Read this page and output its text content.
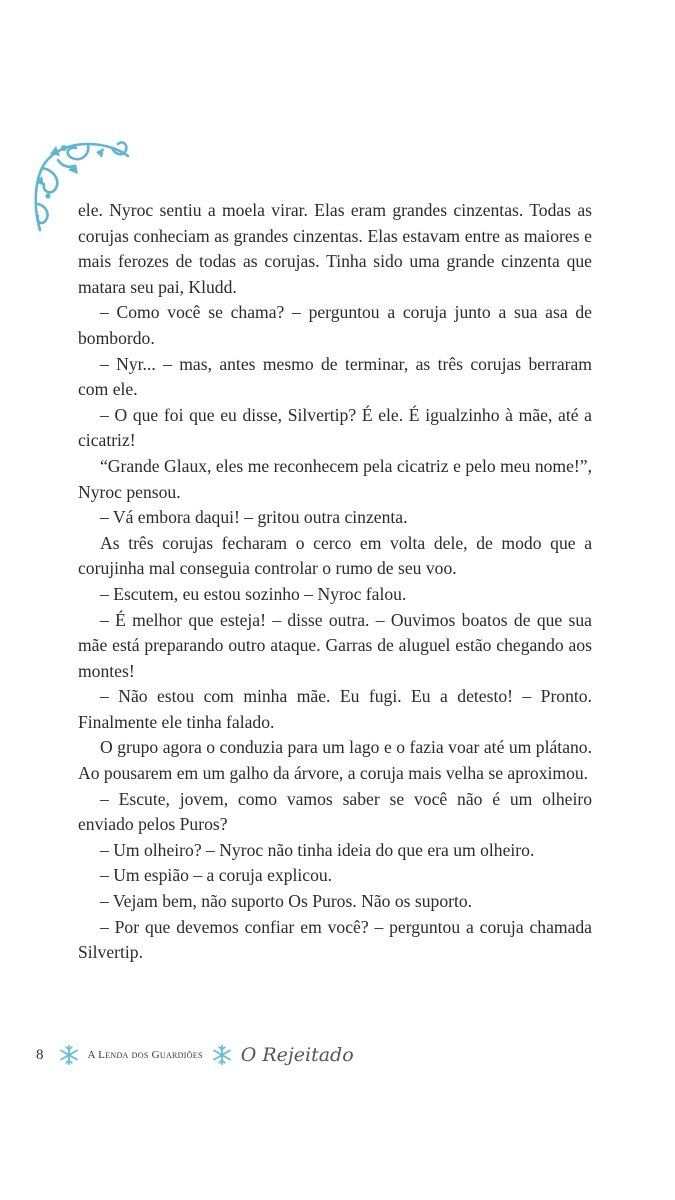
ele. Nyroc sentiu a moela virar. Elas eram grandes cinzentas. Todas as corujas conheciam as grandes cinzentas. Elas estavam entre as maiores e mais ferozes de todas as corujas. Tinha sido uma grande cinzenta que matara seu pai, Kludd.

– Como você se chama? – perguntou a coruja junto a sua asa de bombordo.

– Nyr... – mas, antes mesmo de terminar, as três corujas berraram com ele.

– O que foi que eu disse, Silvertip? É ele. É igualzinho à mãe, até a cicatriz!

“Grande Glaux, eles me reconhecem pela cicatriz e pelo meu nome!”, Nyroc pensou.

– Vá embora daqui! – gritou outra cinzenta.

As três corujas fecharam o cerco em volta dele, de modo que a corujinha mal conseguia controlar o rumo de seu voo.

– Escutem, eu estou sozinho – Nyroc falou.

– É melhor que esteja! – disse outra. – Ouvimos boatos de que sua mãe está preparando outro ataque. Garras de aluguel estão chegando aos montes!

– Não estou com minha mãe. Eu fugi. Eu a detesto! – Pronto. Finalmente ele tinha falado.

O grupo agora o conduzia para um lago e o fazia voar até um plátano. Ao pousarem em um galho da árvore, a coruja mais velha se aproximou.

– Escute, jovem, como vamos saber se você não é um olheiro enviado pelos Puros?

– Um olheiro? – Nyroc não tinha ideia do que era um olheiro.

– Um espião – a coruja explicou.

– Vejam bem, não suporto Os Puros. Não os suporto.

– Por que devemos confiar em você? – perguntou a coruja chamada Silvertip.

8	A Lenda dos Guardiões O Rejeitado
